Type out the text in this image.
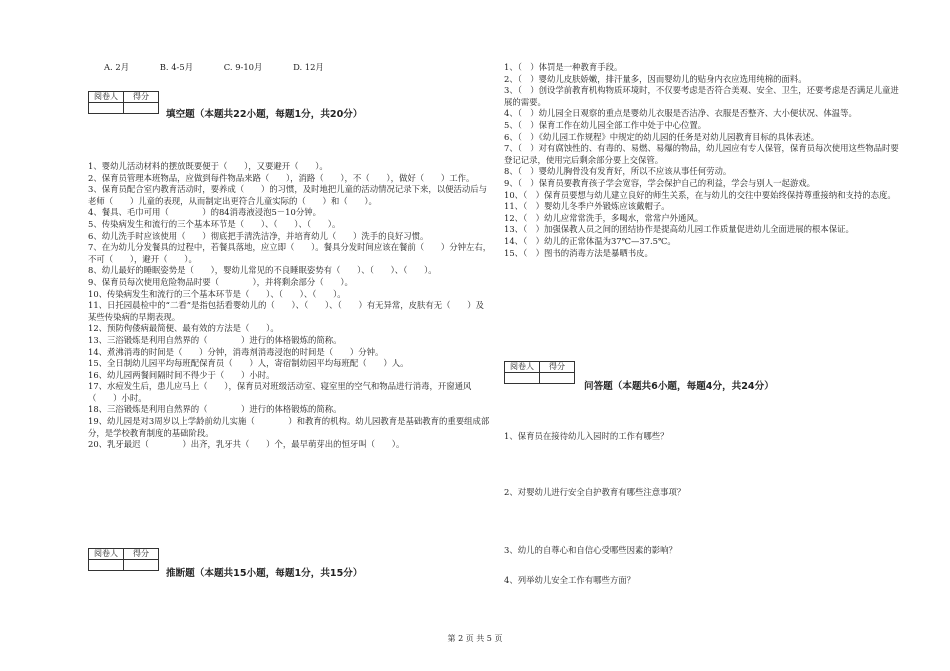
A. 2月	B. 4-5月	C. 9-10月	D. 12月
阅卷人	得分

填空题（本题共22小题，每题1分，共20分）
1、婴幼儿活动材料的摆放既要便于（　　），又要避开（　　）。
2、保育员管理本班物品，应做到每件物品来路（　　），消路（　　），不（　　），做好（　　）工作。
3、保育员配合室内教育活动时，要养成（　　）的习惯，及时地把儿童的活动情况记录下来，以便活动后与老师（　　）儿童的表现，从而制定出更符合儿童实际的（　　）和（　　）。
4、餐具、毛巾可用（　　　　）的84消毒液浸泡5－10分钟。
5、传染病发生和流行的三个基本环节是（　　）、（　　）、（　　）。
6、幼儿洗手时应该使用（　　）彻底把手清洗洁净，并培育幼儿（　　）洗手的良好习惯。
7、在为幼儿分发餐具的过程中，若餐具落地，应立即（　　）。餐具分发时间应该在餐前（　　）分钟左右，不可（　　），避开（　　）。
8、幼儿最好的睡眠姿势是（　　），婴幼儿常见的不良睡眠姿势有（　　）、（　　）、（　　）。
9、保育员每次使用危险物品时要（　　　　），并将剩余部分（　　）。
10、传染病发生和流行的三个基本环节是（　　）、（　　）、（　　）。
11、日托园晨检中的“二看”是指包括看婴幼儿的（　　）、（　　）、（　　）有无异常，皮肤有无（　　）及某些传染病的早期表现。
12、预防佝偻病最简便、最有效的方法是（　　）。
13、三浴锻炼是利用自然界的（　　　　）进行的体格锻炼的简称。
14、煮沸消毒的时间是（　　）分钟，消毒剂消毒浸泡的时间是（　　）分钟。
15、全日制幼儿园平均每班配保育员（　　）人，寄宿制幼园平均每班配（　　）人。
16、幼儿园两餐间隔时间不得少于（　　）小时。
17、水痘发生后，患儿应马上（　　），保育员对班级活动室、寝室里的空气和物品进行消毒，开窗通风（　　）小时。
18、三浴锻炼是利用自然界的（　　　　）进行的体格锻炼的简称。
19、幼儿园是对3周岁以上学龄前幼儿实施（　　　　）和教育的机构。幼儿园教育是基础教育的重要组成部分，是学校教育制度的基础阶段。
20、乳牙最迟（　　　　）出齐，乳牙共（　　）个，最早萌芽出的恒牙叫（　　）。
阅卷人	得分

推断题（本题共15小题，每题1分，共15分）
1、（　）体罚是一种教育手段。
2、（　）婴幼儿皮肤娇嫩，排汗量多，因而婴幼儿的贴身内衣应选用纯棉的面料。
3、（　）创设学前教育机构物质环境时，不仅要考虑是否符合美观、安全、卫生，还要考虑是否满足儿童进展的需要。
4、（　）幼儿园全日观察的重点是婴幼儿衣服是否洁净、衣服是否整齐、大小便状况、体温等。
5、（　）保育工作在幼儿园全部工作中处于中心位置。
6、（　）《幼儿园工作规程》中规定的幼儿园的任务是对幼儿园教育目标的具体表述。
7、（　）对有腐蚀性的、有毒的、易燃、易爆的物品，幼儿园应有专人保管，保育员每次使用这些物品时要登记记录，使用完后剩余部分要上交保管。
8、（　）婴幼儿胸骨没有发育好，所以不应该从事任何劳动。
9、（　）保育员要教育孩子学会宽容，学会保护自己的利益，学会与别人一起游戏。
10、（　）保育员要想与幼儿建立良好的师生关系，在与幼儿的交往中要始终保持尊重接纳和支持的态度。
11、（　）婴幼儿冬季户外锻炼应该戴帽子。
12、（　）幼儿应常常洗手，多喝水，常常户外通风。
13、（　）加强保教人员之间的团结协作是提高幼儿园工作质量促进幼儿全面进展的根本保证。
14、（　）幼儿的正常体温为37℃—37.5℃。
15、（　）图书的消毒方法是暴晒书皮。
阅卷人	得分

问答题（本题共6小题，每题4分，共24分）
1、保育员在接待幼儿入园时的工作有哪些？
2、对婴幼儿进行安全自护教育有哪些注意事项？
3、幼儿的自尊心和自信心受哪些因素的影响？
4、列举幼儿安全工作有哪些方面？
第 2 页 共 5 页
